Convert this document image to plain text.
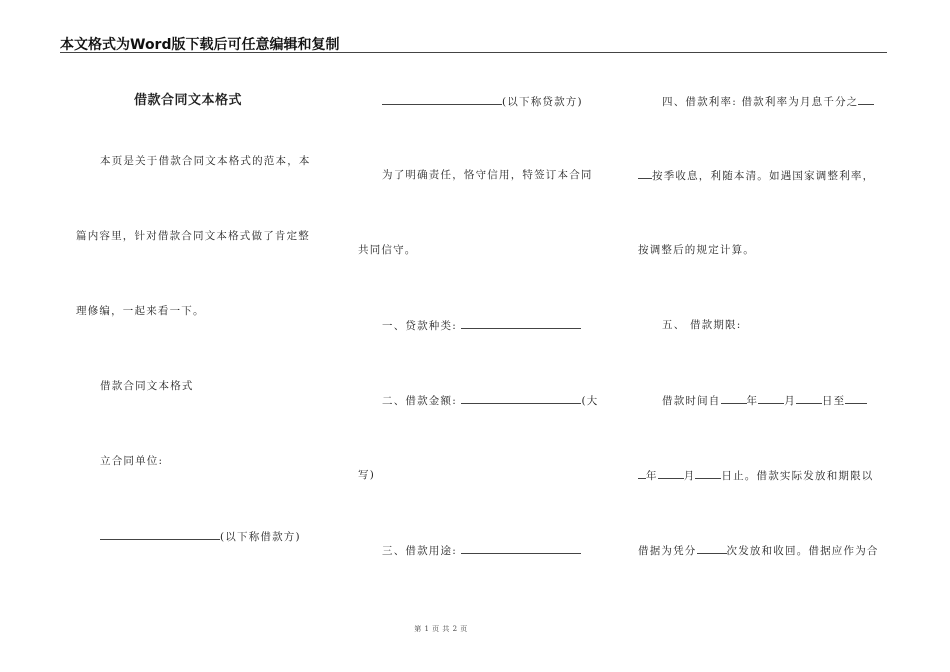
本文格式为Word版下载后可任意编辑和复制
借款合同文本格式
本页是关于借款合同文本格式的范本，本
篇内容里，针对借款合同文本格式做了肯定整
理修编，一起来看一下。
借款合同文本格式
立合同单位:
(以下称借款方)
(以下称贷款方)
为了明确责任，恪守信用，特签订本合同
共同信守。
一、贷款种类:
二、借款金额:	(大
写)
三、借款用途:
四、借款利率: 借款利率为月息千分之
按季收息，利随本清。如遇国家调整利率，
按调整后的规定计算。
五、 借款期限:
借款时间自 年 月 日至
年 月 日止。借款实际发放和期限以
借据为凭分	次发放和收回。借据应作为合
第 1 页 共 2 页
